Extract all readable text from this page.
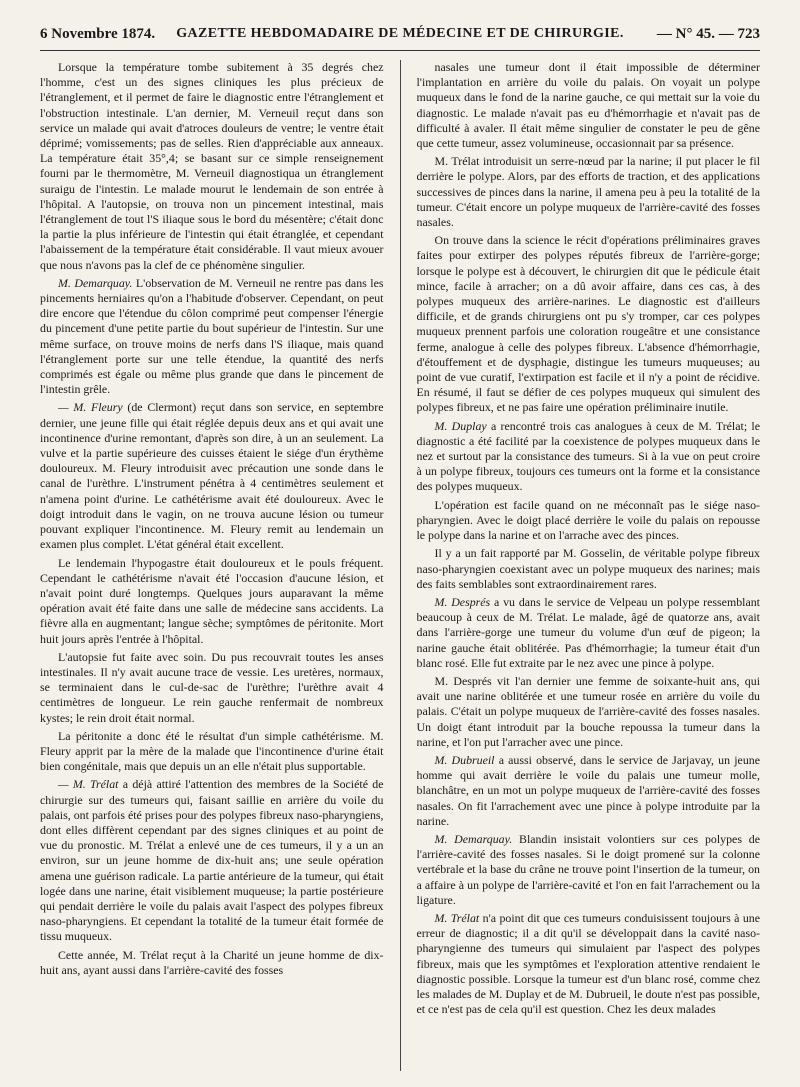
6 Novembre 1874.	GAZETTE HEBDOMADAIRE DE MÉDECINE ET DE CHIRURGIE.	— N° 45. — 723

Lorsque la température tombe subitement à 35 degrés chez l'homme, c'est un des signes cliniques les plus précieux de l'étranglement, et il permet de faire le diagnostic entre l'étranglement et l'obstruction intestinale. L'an dernier, M. Verneuil reçut dans son service un malade qui avait d'atroces douleurs de ventre; le ventre était déprimé; vomissements; pas de selles. Rien d'appréciable aux anneaux. La température était 35°,4; se basant sur ce simple renseignement fourni par le thermomètre, M. Verneuil diagnostiqua un étranglement suraigu de l'intestin. Le malade mourut le lendemain de son entrée à l'hôpital. A l'autopsie, on trouva non un pincement intestinal, mais l'étranglement de tout l'S iliaque sous le bord du mésentère; c'était donc la partie la plus inférieure de l'intestin qui était étranglée, et cependant l'abaissement de la température était considérable. Il vaut mieux avouer que nous n'avons pas la clef de ce phénomène singulier.

M. Demarquay. L'observation de M. Verneuil ne rentre pas dans les pincements herniaires qu'on a l'habitude d'observer. Cependant, on peut dire encore que l'étendue du côlon comprimé peut compenser l'énergie du pincement d'une petite partie du bout supérieur de l'intestin. Sur une même surface, on trouve moins de nerfs dans l'S iliaque, mais quand l'étranglement porte sur une telle étendue, la quantité des nerfs comprimés est égale ou même plus grande que dans le pincement de l'intestin grêle.

— M. Fleury (de Clermont) reçut dans son service, en septembre dernier, une jeune fille qui était réglée depuis deux ans et qui avait une incontinence d'urine remontant, d'après son dire, à un an seulement. La vulve et la partie supérieure des cuisses étaient le siége d'un érythème douloureux. M. Fleury introduisit avec précaution une sonde dans le canal de l'urèthre. L'instrument pénétra à 4 centimètres seulement et n'amena point d'urine. Le cathétérisme avait été douloureux. Avec le doigt introduit dans le vagin, on ne trouva aucune lésion ou tumeur pouvant expliquer l'incontinence. M. Fleury remit au lendemain un examen plus complet. L'état général était excellent.

Le lendemain l'hypogastre était douloureux et le pouls fréquent. Cependant le cathétérisme n'avait été l'occasion d'aucune lésion, et n'avait point duré longtemps. Quelques jours auparavant la même opération avait été faite dans une salle de médecine sans accidents. La fièvre alla en augmentant; langue sèche; symptômes de péritonite. Mort huit jours après l'entrée à l'hôpital.

L'autopsie fut faite avec soin. Du pus recouvrait toutes les anses intestinales. Il n'y avait aucune trace de vessie. Les uretères, normaux, se terminaient dans le cul-de-sac de l'urèthre; l'urèthre avait 4 centimètres de longueur. Le rein gauche renfermait de nombreux kystes; le rein droit était normal.

La péritonite a donc été le résultat d'un simple cathétérisme. M. Fleury apprit par la mère de la malade que l'incontinence d'urine était bien congénitale, mais que depuis un an elle n'était plus supportable.

— M. Trélat a déjà attiré l'attention des membres de la Société de chirurgie sur des tumeurs qui, faisant saillie en arrière du voile du palais, ont parfois été prises pour des polypes fibreux naso-pharyngiens, dont elles diffèrent cependant par des signes cliniques et au point de vue du pronostic. M. Trélat a enlevé une de ces tumeurs, il y a un an environ, sur un jeune homme de dix-huit ans; une seule opération amena une guérison radicale. La partie antérieure de la tumeur, qui était logée dans une narine, était visiblement muqueuse; la partie postérieure qui pendait derrière le voile du palais avait l'aspect des polypes fibreux naso-pharyngiens. Et cependant la totalité de la tumeur était formée de tissu muqueux.

Cette année, M. Trélat reçut à la Charité un jeune homme de dix-huit ans, ayant aussi dans l'arrière-cavité des fosses

nasales une tumeur dont il était impossible de déterminer l'implantation en arrière du voile du palais. On voyait un polype muqueux dans le fond de la narine gauche, ce qui mettait sur la voie du diagnostic. Le malade n'avait pas eu d'hémorrhagie et n'avait pas de difficulté à avaler. Il était même singulier de constater le peu de gêne que cette tumeur, assez volumineuse, occasionnait par sa présence.

M. Trélat introduisit un serre-nœud par la narine; il put placer le fil derrière le polype. Alors, par des efforts de traction, et des applications successives de pinces dans la narine, il amena peu à peu la totalité de la tumeur. C'était encore un polype muqueux de l'arrière-cavité des fosses nasales.

On trouve dans la science le récit d'opérations préliminaires graves faites pour extirper des polypes réputés fibreux de l'arrière-gorge; lorsque le polype est à découvert, le chirurgien dit que le pédicule était mince, facile à arracher; on a dû avoir affaire, dans ces cas, à des polypes muqueux des arrière-narines. Le diagnostic est d'ailleurs difficile, et de grands chirurgiens ont pu s'y tromper, car ces polypes muqueux prennent parfois une coloration rougeâtre et une consistance ferme, analogue à celle des polypes fibreux. L'absence d'hémorrhagie, d'étouffement et de dysphagie, distingue les tumeurs muqueuses; au point de vue curatif, l'extirpation est facile et il n'y a point de récidive. En résumé, il faut se défier de ces polypes muqueux qui simulent des polypes fibreux, et ne pas faire une opération préliminaire inutile.

M. Duplay a rencontré trois cas analogues à ceux de M. Trélat; le diagnostic a été facilité par la coexistence de polypes muqueux dans le nez et surtout par la consistance des tumeurs. Si à la vue on peut croire à un polype fibreux, toujours ces tumeurs ont la forme et la consistance des polypes muqueux.

L'opération est facile quand on ne méconnaît pas le siége naso-pharyngien. Avec le doigt placé derrière le voile du palais on repousse le polype dans la narine et on l'arrache avec des pinces.

Il y a un fait rapporté par M. Gosselin, de véritable polype fibreux naso-pharyngien coexistant avec un polype muqueux des narines; mais des faits semblables sont extraordinairement rares.

M. Després a vu dans le service de Velpeau un polype ressemblant beaucoup à ceux de M. Trélat. Le malade, âgé de quatorze ans, avait dans l'arrière-gorge une tumeur du volume d'un œuf de pigeon; la narine gauche était oblitérée. Pas d'hémorrhagie; la tumeur était d'un blanc rosé. Elle fut extraite par le nez avec une pince à polype.

M. Després vit l'an dernier une femme de soixante-huit ans, qui avait une narine oblitérée et une tumeur rosée en arrière du voile du palais. C'était un polype muqueux de l'arrière-cavité des fosses nasales. Un doigt étant introduit par la bouche repoussa la tumeur dans la narine, et l'on put l'arracher avec une pince.

M. Dubrueil a aussi observé, dans le service de Jarjavay, un jeune homme qui avait derrière le voile du palais une tumeur molle, blanchâtre, en un mot un polype muqueux de l'arrière-cavité des fosses nasales. On fit l'arrachement avec une pince à polype introduite par la narine.

M. Demarquay. Blandin insistait volontiers sur ces polypes de l'arrière-cavité des fosses nasales. Si le doigt promené sur la colonne vertébrale et la base du crâne ne trouve point l'insertion de la tumeur, on a affaire à un polype de l'arrière-cavité et l'on en fait l'arrachement ou la ligature.

M. Trélat n'a point dit que ces tumeurs conduisissent toujours à une erreur de diagnostic; il a dit qu'il se développait dans la cavité naso-pharyngienne des tumeurs qui simulaient par l'aspect des polypes fibreux, mais que les symptômes et l'exploration attentive rendaient le diagnostic possible. Lorsque la tumeur est d'un blanc rosé, comme chez les malades de M. Duplay et de M. Dubrueil, le doute n'est pas possible, et ce n'est pas de cela qu'il est question. Chez les deux malades
